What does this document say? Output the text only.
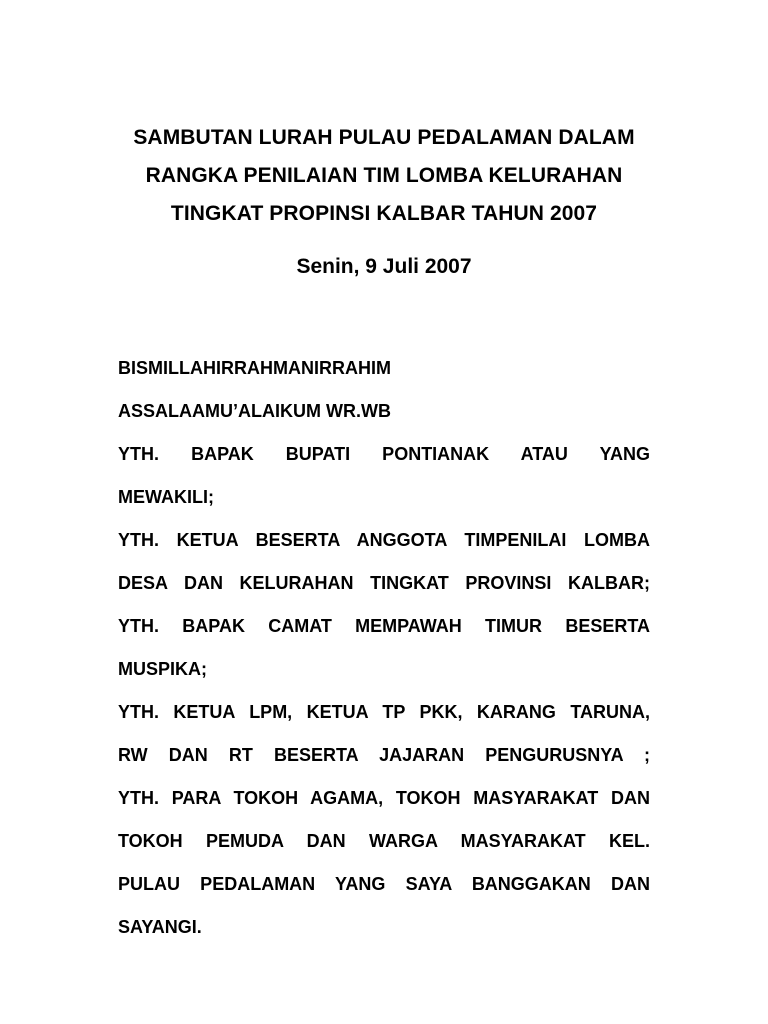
SAMBUTAN LURAH PULAU PEDALAMAN DALAM
RANGKA PENILAIAN TIM LOMBA KELURAHAN
TINGKAT PROPINSI KALBAR TAHUN 2007
Senin, 9 Juli 2007
BISMILLAHIRRAHMANIRRAHIM
ASSALAAMU’ALAIKUM WR.WB
YTH. BAPAK BUPATI PONTIANAK ATAU YANG
MEWAKILI;
YTH. KETUA BESERTA ANGGOTA TIMPENILAI LOMBA
DESA DAN KELURAHAN TINGKAT PROVINSI KALBAR;
YTH. BAPAK CAMAT MEMPAWAH TIMUR BESERTA
MUSPIKA;
YTH. KETUA LPM, KETUA TP PKK, KARANG TARUNA,
RW DAN RT BESERTA JAJARAN PENGURUSNYA ;
YTH. PARA TOKOH AGAMA, TOKOH MASYARAKAT DAN
TOKOH PEMUDA DAN WARGA MASYARAKAT KEL.
PULAU PEDALAMAN YANG SAYA BANGGAKAN DAN
SAYANGI.
